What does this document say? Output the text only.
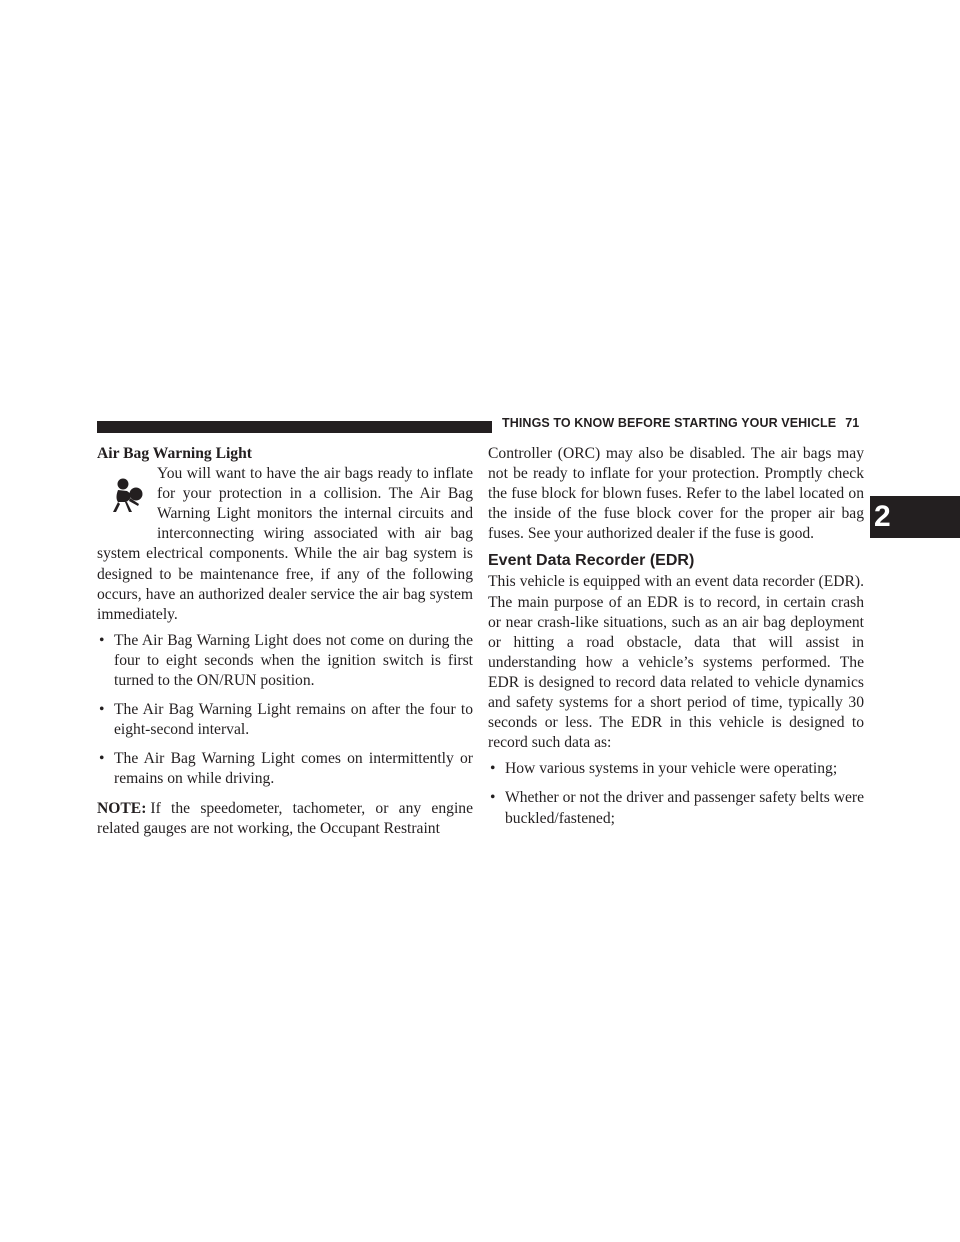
THINGS TO KNOW BEFORE STARTING YOUR VEHICLE 71
2

Air Bag Warning Light

You will want to have the air bags ready to inflate for your protection in a collision. The Air Bag Warning Light monitors the internal circuits and interconnecting wiring associated with air bag system electrical components. While the air bag system is designed to be maintenance free, if any of the following occurs, have an authorized dealer service the air bag system immediately.

• The Air Bag Warning Light does not come on during the four to eight seconds when the ignition switch is first turned to the ON/RUN position.
• The Air Bag Warning Light remains on after the four to eight-second interval.
• The Air Bag Warning Light comes on intermittently or remains on while driving.

NOTE: If the speedometer, tachometer, or any engine related gauges are not working, the Occupant Restraint

Controller (ORC) may also be disabled. The air bags may not be ready to inflate for your protection. Promptly check the fuse block for blown fuses. Refer to the label located on the inside of the fuse block cover for the proper air bag fuses. See your authorized dealer if the fuse is good.

Event Data Recorder (EDR)

This vehicle is equipped with an event data recorder (EDR). The main purpose of an EDR is to record, in certain crash or near crash-like situations, such as an air bag deployment or hitting a road obstacle, data that will assist in understanding how a vehicle’s systems performed. The EDR is designed to record data related to vehicle dynamics and safety systems for a short period of time, typically 30 seconds or less. The EDR in this vehicle is designed to record such data as:

• How various systems in your vehicle were operating;
• Whether or not the driver and passenger safety belts were buckled/fastened;
